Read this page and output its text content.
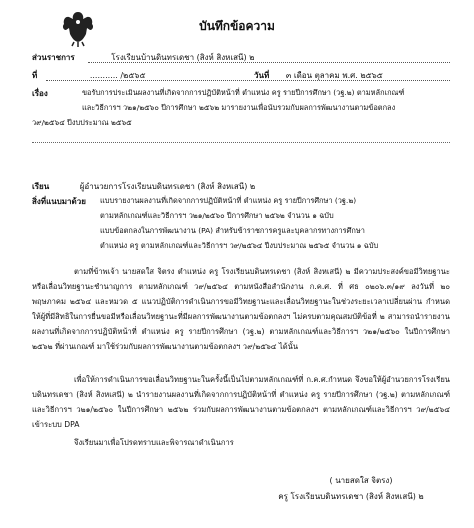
บันทึกข้อความ
ส่วนราชการ	โรงเรียนบ้านดินทรเดชา (สิงห์ สิงหเสนี) ๒
ที่	........... /๒๕๖๕	วันที่ ๓ เดือน ตุลาคม พ.ศ. ๒๕๖๕
เรื่อง	ขอรับการประเมินผลงานที่เกิดจากการปฏิบัติหน้าที่ ตำแหน่ง ครู รายปีการศึกษา (วฐ.๒) ตามหลักเกณฑ์
และวิธีการฯ ว๒๑/๒๕๖๐ ปีการศึกษา ๒๕๖๒ มารายงานเพื่อนับรวมกับผลการพัฒนางานตามข้อตกลง
ว๙/๒๕๖๔ ปีงบประมาณ ๒๕๖๕
เรียน	ผู้อำนวยการโรงเรียนบดินทรเดชา (สิงห์ สิงหเสนี) ๒
สิ่งที่แนบมาด้วย	แบบรายงานผลงานที่เกิดจากการปฏิบัติหน้าที่ ตำแหน่ง ครู รายปีการศึกษา (วฐ.๒)
ตามหลักเกณฑ์และวิธีการฯ ว๒๑/๒๕๖๐ ปีการศึกษา ๒๕๖๒ จำนวน ๑ ฉบับ
แบบข้อตกลงในการพัฒนางาน (PA) สำหรับข้าราชการครูและบุคลากรทางการศึกษา
ตำแหน่ง ครู ตามหลักเกณฑ์และวิธีการฯ ว๙/๒๕๖๔ ปีงบประมาณ ๒๕๖๕ จำนวน ๑ ฉบับ
ตามที่ข้าพเจ้า นายสดใส จิตรง ตำแหน่ง ครู โรงเรียนบดินทรเดชา (สิงห์ สิงหเสนี) ๒ มีความประสงค์ขอมีวิทยฐานะหรือเลื่อนวิทยฐานะชำนาญการ ตามหลักเกณฑ์ ว๙/๒๕๖๔ ตามหนังสือสำนักงาน ก.ค.ศ. ที่ ศธ ๐๒๐๖.๓/๑๙ ลงวันที่ ๒๐ พฤษภาคม ๒๕๖๔ และหมวด ๕ แนวปฏิบัติการดำเนินการขอมีวิทยฐานะและเลื่อนวิทยฐานะในช่วงระยะเวลาเปลี่ยนผ่าน กำหนดให้ผู้ที่มีสิทธิในการยื่นขอมีหรือเลื่อนวิทยฐานะที่มีผลการพัฒนางานตามข้อตกลงฯ ไม่ครบตามคุณสมบัติข้อที่ ๒ สามารถนำรายงานผลงานที่เกิดจากการปฏิบัติหน้าที่ ตำแหน่ง ครู รายปีการศึกษา (วฐ.๒) ตามหลักเกณฑ์และวิธีการฯ ว๒๑/๒๕๖๐ ในปีการศึกษา ๒๕๖๒ ที่ผ่านเกณฑ์ มาใช้ร่วมกับผลการพัฒนางานตามข้อตกลงฯ ว๙/๒๕๖๔ ได้นั้น
เพื่อให้การดำเนินการขอเลื่อนวิทยฐานะในครั้งนี้เป็นไปตามหลักเกณฑ์ที่ ก.ค.ศ.กำหนด จึงขอให้ผู้อำนวยการโรงเรียนบดินทรเดชา (สิงห์ สิงหเสนี) ๒ นำรายงานผลงานที่เกิดจากการปฏิบัติหน้าที่ ตำแหน่ง ครู รายปีการศึกษา (วฐ.๒) ตามหลักเกณฑ์และวิธีการฯ ว๒๑/๒๕๖๐ ในปีการศึกษา ๒๕๖๒ ร่วมกับผลการพัฒนางานตามข้อตกลงฯ ตามหลักเกณฑ์และวิธีการฯ ว๙/๒๕๖๔ เข้าระบบ DPA
จึงเรียนมาเพื่อโปรดทราบและพิจารณาดำเนินการ
( นายสดใส จิตรง)
ครู โรงเรียนบดินทรเดชา (สิงห์ สิงหเสนี) ๒
